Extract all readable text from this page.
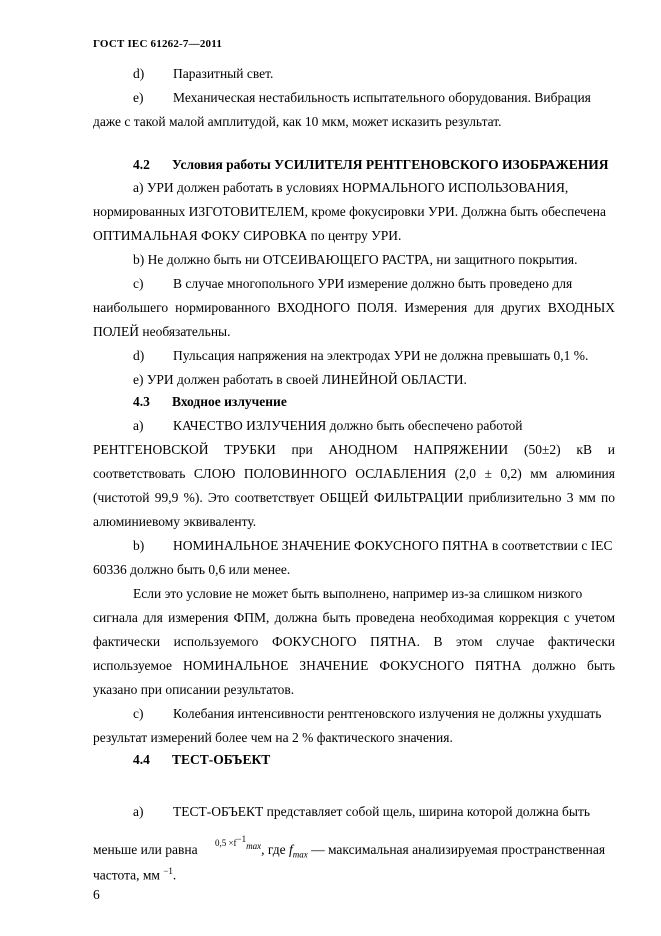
ГОСТ IEC 61262-7—2011
d) Паразитный свет.
e) Механическая нестабильность испытательного оборудования. Вибрация
даже с такой малой амплитудой, как 10 мкм, может исказить результат.
4.2 Условия работы УСИЛИТЕЛЯ РЕНТГЕНОВСКОГО ИЗОБРАЖЕНИЯ
a) УРИ должен работать в условиях НОРМАЛЬНОГО ИСПОЛЬЗОВАНИЯ,
нормированных ИЗГОТОВИТЕЛЕМ, кроме фокусировки УРИ. Должна быть обеспечена
ОПТИМАЛЬНАЯ ФОКУ СИРОВКА по центру УРИ.
b) Не должно быть ни ОТСЕИВАЮЩЕГО РАСТРА, ни защитного покрытия.
c) В случае многопольного УРИ измерение должно быть проведено для
наибольшего нормированного ВХОДНОГО ПОЛЯ. Измерения для других ВХОДНЫХ
ПОЛЕЙ необязательны.
d) Пульсация напряжения на электродах УРИ не должна превышать 0,1 %.
e) УРИ должен работать в своей ЛИНЕЙНОЙ ОБЛАСТИ.
4.3 Входное излучение
a) КАЧЕСТВО ИЗЛУЧЕНИЯ должно быть обеспечено работой
РЕНТГЕНОВСКОЙ ТРУБКИ при АНОДНОМ НАПРЯЖЕНИИ (50±2) кВ и
соответствовать СЛОЮ ПОЛОВИННОГО ОСЛАБЛЕНИЯ (2,0 ± 0,2) мм алюминия
(чистотой 99,9 %). Это соответствует ОБЩЕЙ ФИЛЬТРАЦИИ приблизительно 3 мм по
алюминиевому эквиваленту.
b) НОМИНАЛЬНОЕ ЗНАЧЕНИЕ ФОКУСНОГО ПЯТНА в соответствии с IEC
60336 должно быть 0,6 или менее.
Если это условие не может быть выполнено, например из-за слишком низкого
сигнала для измерения ФПМ, должна быть проведена необходимая коррекция с учетом
фактически используемого ФОКУСНОГО ПЯТНА. В этом случае фактически
используемое НОМИНАЛЬНОЕ ЗНАЧЕНИЕ ФОКУСНОГО ПЯТНА должно быть
указано при описании результатов.
c) Колебания интенсивности рентгеновского излучения не должны ухудшать
результат измерений более чем на 2 % фактического значения.
4.4 ТЕСТ-ОБЪЕКТ
a) ТЕСТ-ОБЪЕКТ представляет собой щель, ширина которой должна быть
меньше или равна $^{0,5 \times f^{-1}_{max}}$, где $f_{max}$ — максимальная анализируемая пространственная
частота, мм $^{-1}$.
6
